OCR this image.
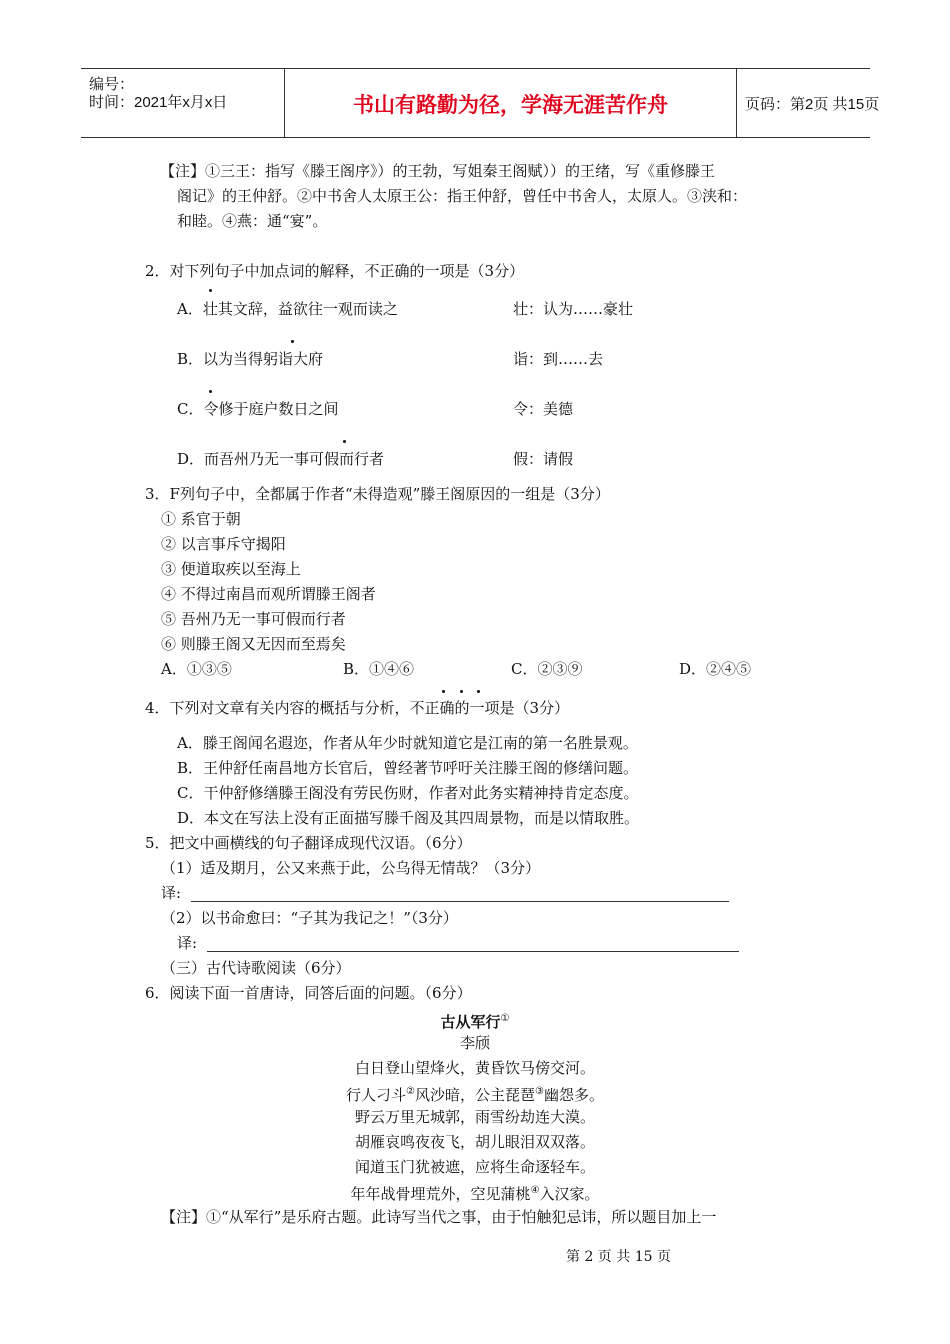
编号：
时间：2021年x月x日	书山有路勤为径，学海无涯苦作舟	页码：第2页 共15页
【注】①三王：指写《滕王阁序》）的王勃，写姐秦王阁赋））的王绪，写《重修滕王
阁记》的王仲舒。②中书舍人太原王公：指王仲舒，曾任中书舍人，太原人。③浃和：
和睦。④燕：通“宴”。
2．对下列句子中加点词的解释，不正确的一项是（3分）
A．壮其文辞，益欲往一观而读之	壮：认为……豪壮
B．以为当得躬诣大府	诣：到……去
C．令修于庭户数日之间	令：美德
D．而吾州乃无一事可假而行者	假：请假
3．F列句子中，全都属于作者“未得造观”滕王阁原因的一组是（3分）
① 系官于朝
② 以言事斥守揭阳
③ 便道取疾以至海上
④ 不得过南昌而观所谓滕王阁者
⑤ 吾州乃无一事可假而行者
⑥ 则滕王阁又无因而至焉矣
A．①③⑤	B．①④⑥	C．②③⑨	D．②④⑤
4．下列对文章有关内容的概括与分析，不正确的一项是（3分）
A．滕王阁闻名遐迩，作者从年少时就知道它是江南的第一名胜景观。
B．王仲舒任南昌地方长官后，曾经著节呼吁关注滕王阁的修缮问题。
C．干仲舒修缮滕王阁没有劳民伤财，作者对此务实精神持肯定态度。
D．本文在写法上没有正面描写滕千阁及其四周景物，而是以情取胜。
5．把文中画横线的句子翻译成现代汉语。（6分）
（1）适及期月，公又来燕于此，公乌得无情哉？（3分）
译:
（2）以书命愈曰：“子其为我记之！”（3分）
译:
（三）古代诗歌阅读（6分）
6．阅读下面一首唐诗，同答后面的问题。（6分）
古从军行①
李颀
白日登山望烽火，黄昏饮马傍交河。
行人刁斗②风沙暗，公主琵琶③幽怨多。
野云万里无城郭，雨雪纷劫连大漠。
胡雁哀鸣夜夜飞，胡儿眼泪双双落。
闻道玉门犹被遮，应将生命逐轻车。
年年战骨埋荒外，空见蒲桃④入汉家。
【注】①“从军行”是乐府古题。此诗写当代之事，由于怕触犯忌讳，所以题目加上一
第 2 页 共 15 页
